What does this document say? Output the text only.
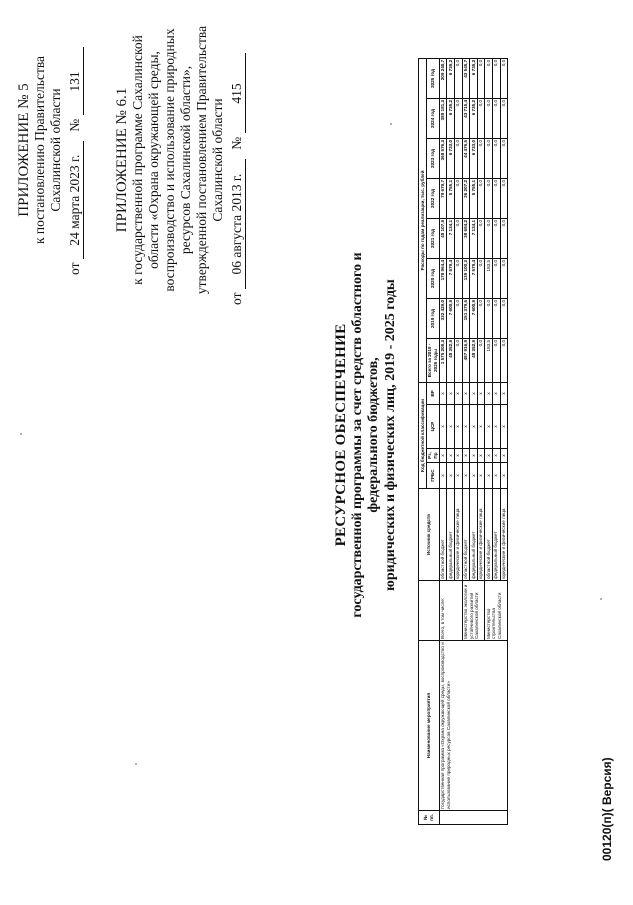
ПРИЛОЖЕНИЕ № 5 к постановлению Правительства Сахалинской области
от 24 марта 2023 г. № 131
ПРИЛОЖЕНИЕ № 6.1 к государственной программе Сахалинской области «Охрана окружающей среды, воспроизводство и использование природных ресурсов Сахалинской области», утвержденной постановлением Правительства Сахалинской области
от 06 августа 2013 г. № 415
РЕСУРСНОЕ ОБЕСПЕЧЕНИЕ государственной программы за счет средств областного и федерального бюджетов, юридических и физических лиц, 2019 - 2025 годы
№ пп.	Наименование мероприятия		Источник средств	Код бюджетной классификации				Расходы по годам реализации, тыс. рублей							
				ГРБС	Рз, Пр	ЦСР	ВР	Всего за 2019 - 2025 годы	2019 год	2020 год	2021 год	2022 год	2023 год	2024 год	2025 год
	Государственная программа «Охрана окружающей среды, воспроизводство и использование природных ресурсов Сахалинской области»	Всего, в том числе:	областной бюджет	x	x	x	x	1 575 208,3	332 429,0	178 964,4	48 107,9	79 679,7	368 576,3	388 181,3	209 240,7
			федеральный бюджет	x	x	x	x	48 352,9	7 600,9	7 579,4	7 134,1	5 755,1	6 733,0	6 735,2	6 735,2
			юридические и физические лица	x	x	x	x	0,0	0,0	0,0	0,0	0,0	0,0	0,0	0,0
		Министерство экологии и устойчивого развития Сахалинской области	областной бюджет	x	x	x	x	487 916,9	151 379,6	139 100,3	38 694,2	36 207,2	44 476,5	43 715,4	43 545,7
			федеральный бюджет	x	x	x	x	48 352,9	7 600,9	7 579,4	7 134,1	5 755,1	6 733,0	6 735,2	6 735,2
			юридические и физические лица	x	x	x	x	0,0	0,0	0,0	0,0	0,0	0,0	0,0	0,0
		Министерство строительства Сахалинской области	областной бюджет	x	x	x	x	183,5	0,0	183,5	0,0	0,0	0,0	0,0	0,0
			федеральный бюджет	x	x	x	x	0,0	0,0	0,0	0,0	0,0	0,0	0,0	0,0
			юридические и физические лица	x	x	x	x	0,0	0,0	0,0	0,0	0,0	0,0	0,0	0,0
00120(п)( Версия)
